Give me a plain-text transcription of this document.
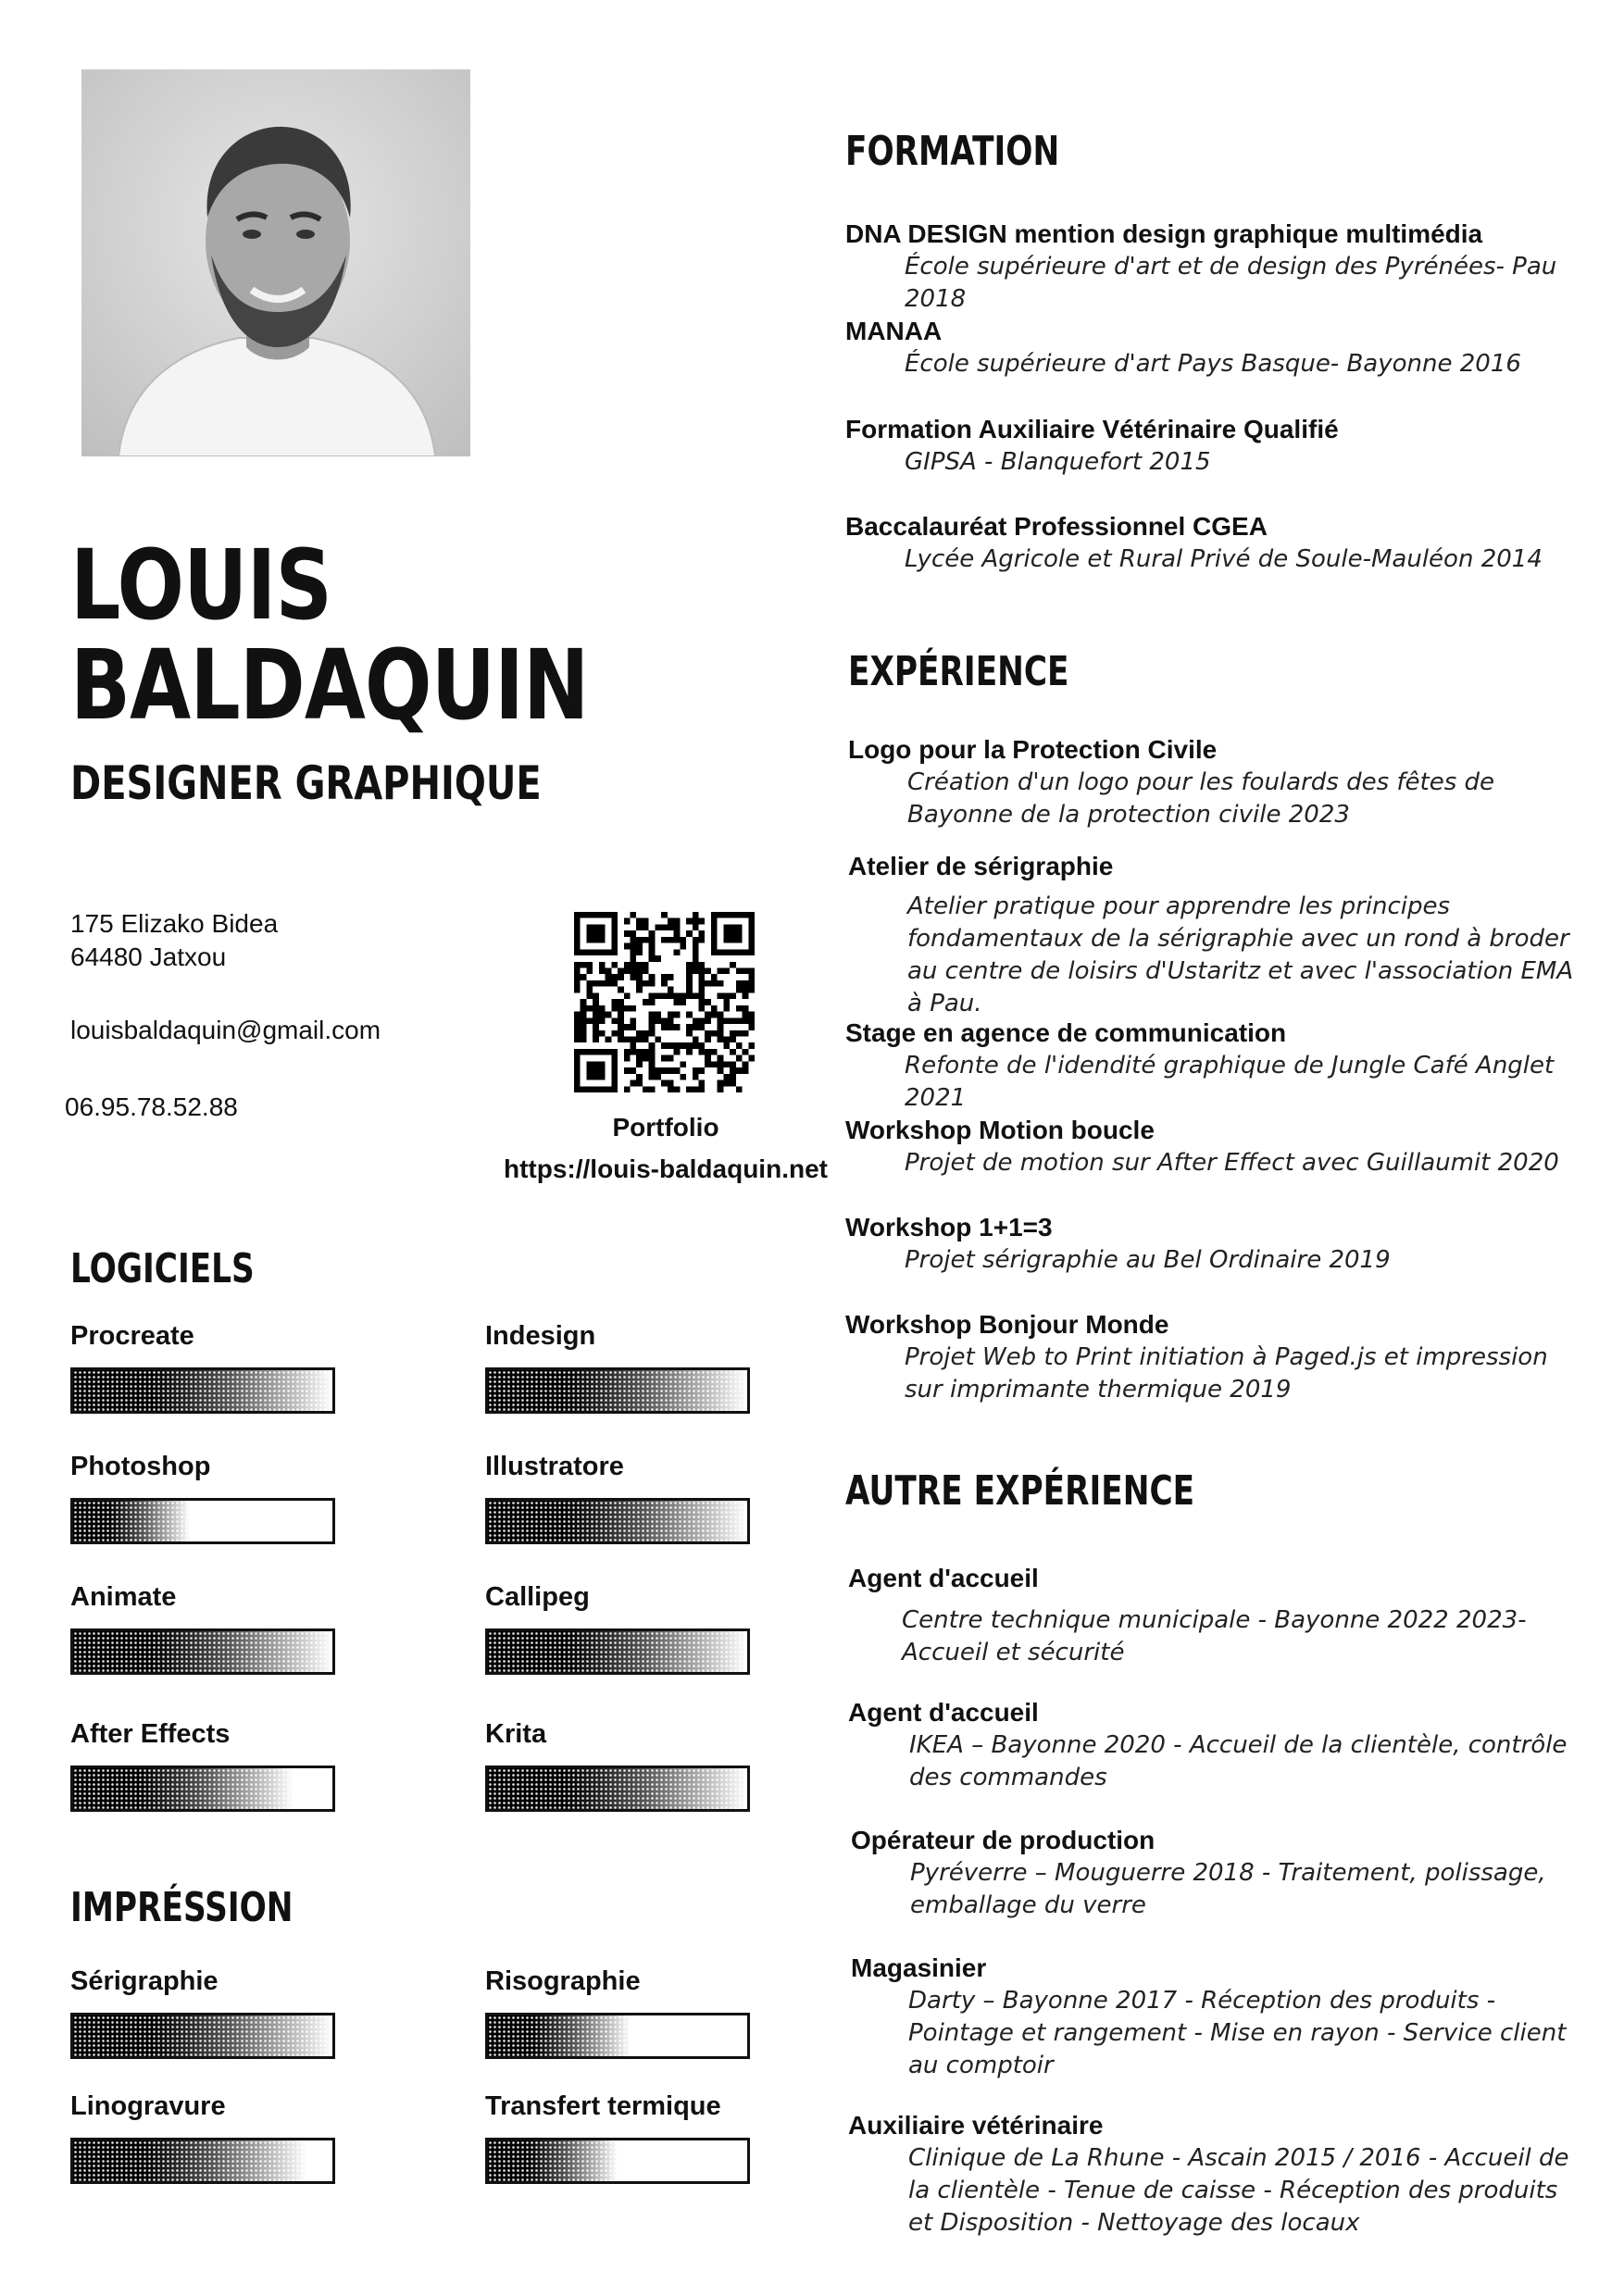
LOUIS
BALDAQUIN
DESIGNER GRAPHIQUE
175 Elizako Bidea
64480 Jatxou
louisbaldaquin@gmail.com
06.95.78.52.88
Portfolio
https://louis-baldaquin.net
LOGICIELS
Procreate	Indesign
Photoshop	Illustratore
Animate	Callipeg
After Effects	Krita
IMPRÉSSION
Sérigraphie	Risographie
Linogravure	Transfert termique
FORMATION
DNA DESIGN mention design graphique multimédia
École supérieure d'art et de design des Pyrénées- Pau 2018
MANAA
École supérieure d'art Pays Basque- Bayonne 2016
Formation Auxiliaire Vétérinaire Qualifié
GIPSA - Blanquefort 2015
Baccalauréat Professionnel CGEA
Lycée Agricole et Rural Privé de Soule-Mauléon 2014
EXPÉRIENCE
Logo pour la Protection Civile
Création d'un logo pour les foulards des fêtes de Bayonne de la protection civile 2023
Atelier de sérigraphie
Atelier pratique pour apprendre les principes fondamentaux de la sérigraphie avec un rond à broder au centre de loisirs d'Ustaritz et avec l'association EMA à Pau.
Stage en agence de communication
Refonte de l'idendité graphique de Jungle Café Anglet 2021
Workshop Motion boucle
Projet de motion sur After Effect avec Guillaumit 2020
Workshop 1+1=3
Projet sérigraphie au Bel Ordinaire 2019
Workshop Bonjour Monde
Projet Web to Print initiation à Paged.js et impression sur imprimante thermique 2019
AUTRE EXPÉRIENCE
Agent d'accueil
Centre technique municipale - Bayonne 2022 2023- Accueil et sécurité
Agent d'accueil
IKEA – Bayonne 2020 - Accueil de la clientèle, contrôle des commandes
Opérateur de production
Pyréverre – Mouguerre 2018 - Traitement, polissage, emballage du verre
Magasinier
Darty – Bayonne 2017 - Réception des produits - Pointage et rangement - Mise en rayon - Service client au comptoir
Auxiliaire vétérinaire
Clinique de La Rhune - Ascain 2015 / 2016 - Accueil de la clientèle - Tenue de caisse - Réception des produits et Disposition - Nettoyage des locaux
